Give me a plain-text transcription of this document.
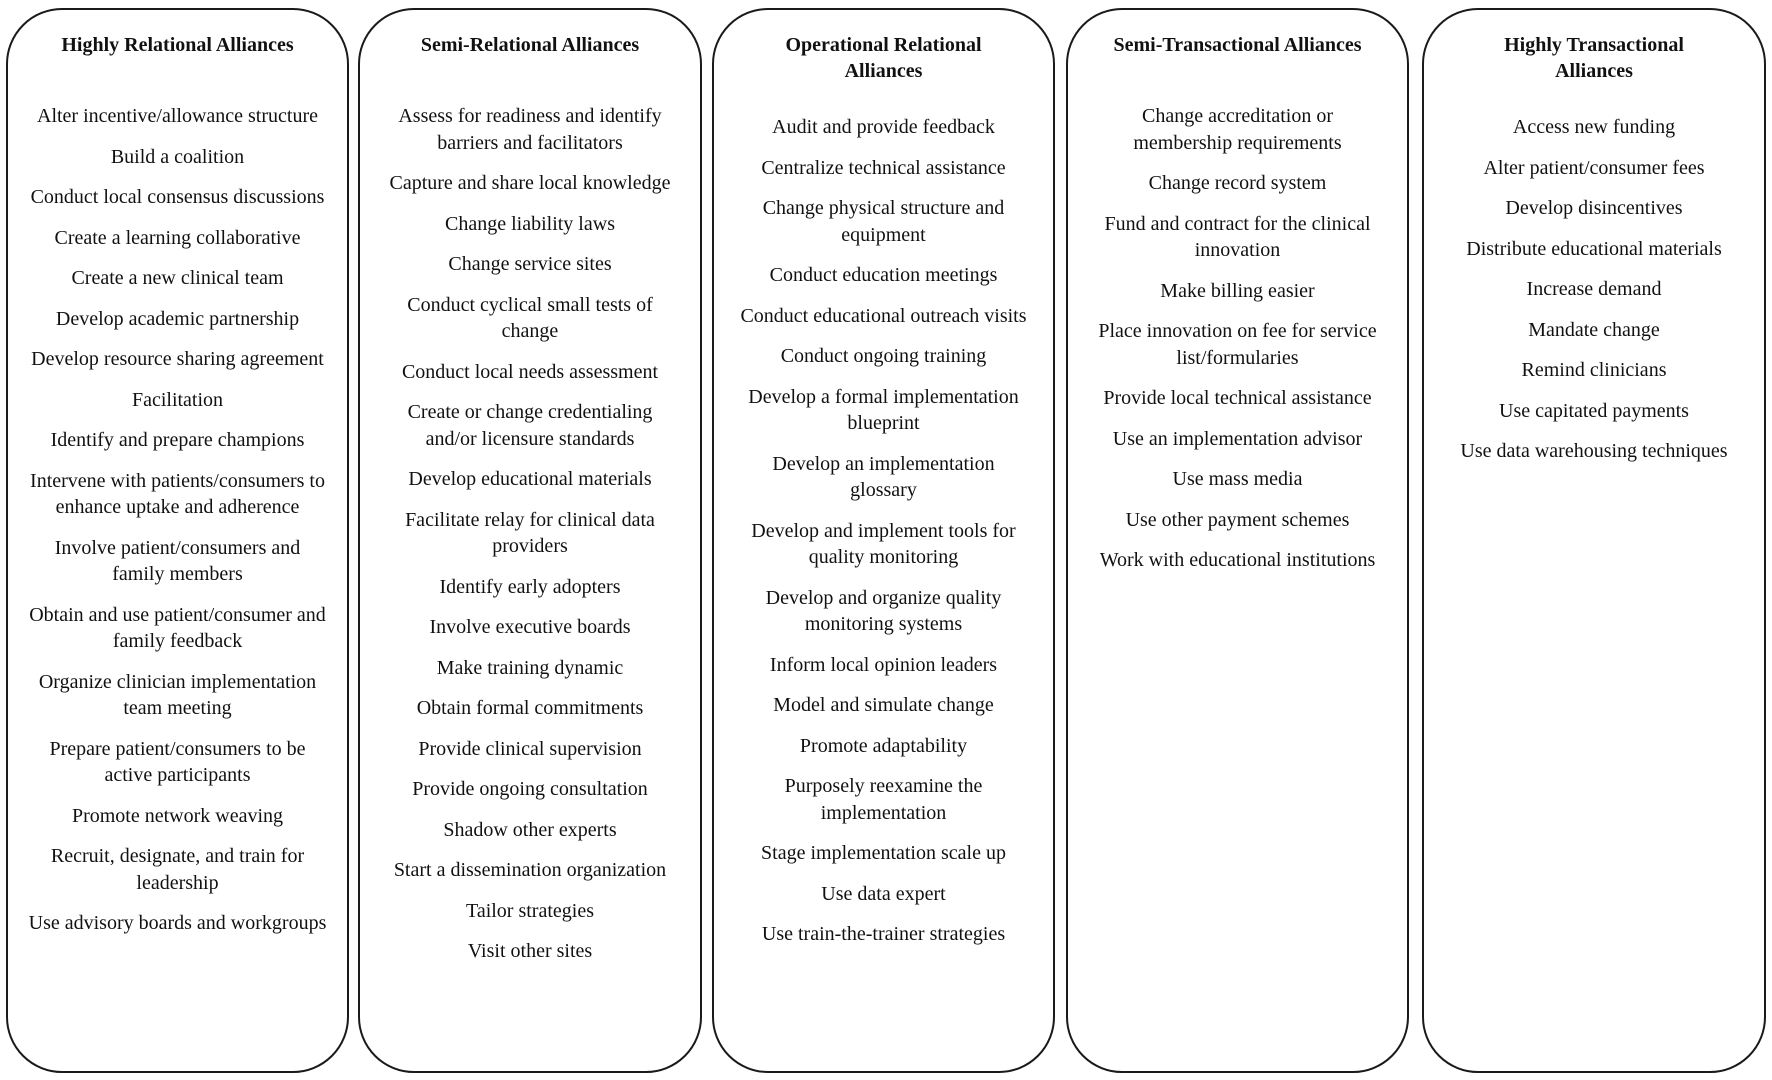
Highly Relational Alliances
Alter incentive/allowance structure
Build a coalition
Conduct local consensus discussions
Create a learning collaborative
Create a new clinical team
Develop academic partnership
Develop resource sharing agreement
Facilitation
Identify and prepare champions
Intervene with patients/consumers to enhance uptake and adherence
Involve patient/consumers and family members
Obtain and use patient/consumer and family feedback
Organize clinician implementation team meeting
Prepare patient/consumers to be active participants
Promote network weaving
Recruit, designate, and train for leadership
Use advisory boards and workgroups
Semi-Relational Alliances
Assess for readiness and identify barriers and facilitators
Capture and share local knowledge
Change liability laws
Change service sites
Conduct cyclical small tests of change
Conduct local needs assessment
Create or change credentialing and/or licensure standards
Develop educational materials
Facilitate relay for clinical data providers
Identify early adopters
Involve executive boards
Make training dynamic
Obtain formal commitments
Provide clinical supervision
Provide ongoing consultation
Shadow other experts
Start a dissemination organization
Tailor strategies
Visit other sites
Operational Relational Alliances
Audit and provide feedback
Centralize technical assistance
Change physical structure and equipment
Conduct education meetings
Conduct educational outreach visits
Conduct ongoing training
Develop a formal implementation blueprint
Develop an implementation glossary
Develop and implement tools for quality monitoring
Develop and organize quality monitoring systems
Inform local opinion leaders
Model and simulate change
Promote adaptability
Purposely reexamine the implementation
Stage implementation scale up
Use data expert
Use train-the-trainer strategies
Semi-Transactional Alliances
Change accreditation or membership requirements
Change record system
Fund and contract for the clinical innovation
Make billing easier
Place innovation on fee for service list/formularies
Provide local technical assistance
Use an implementation advisor
Use mass media
Use other payment schemes
Work with educational institutions
Highly Transactional Alliances
Access new funding
Alter patient/consumer fees
Develop disincentives
Distribute educational materials
Increase demand
Mandate change
Remind clinicians
Use capitated payments
Use data warehousing techniques
